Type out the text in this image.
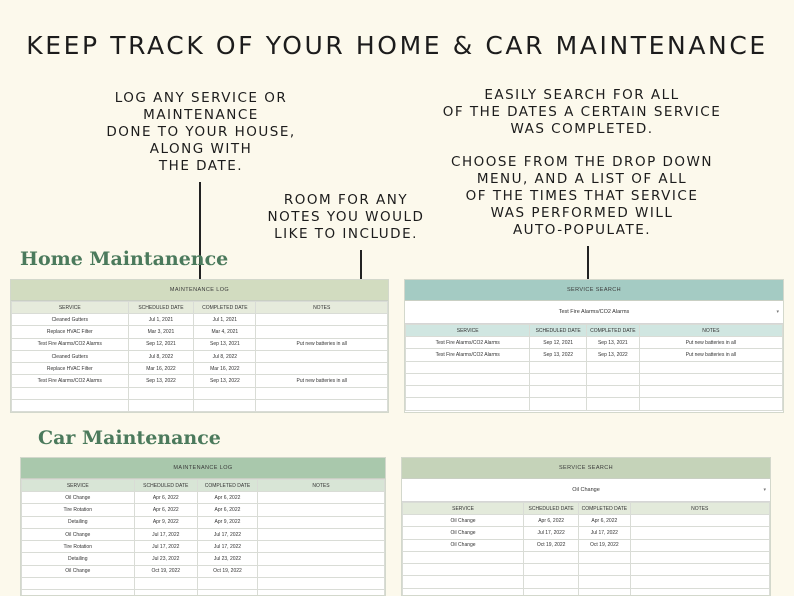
KEEP TRACK OF YOUR HOME & CAR MAINTENANCE
LOG ANY SERVICE OR
MAINTENANCE
DONE TO YOUR HOUSE,
ALONG WITH
THE DATE.
ROOM FOR ANY
NOTES YOU WOULD
LIKE TO INCLUDE.
EASILY SEARCH FOR ALL
OF THE DATES A CERTAIN SERVICE
WAS COMPLETED.
CHOOSE FROM THE DROP DOWN
MENU, AND A LIST OF ALL
OF THE TIMES THAT SERVICE
WAS PERFORMED WILL
AUTO-POPULATE.
Home Maintanence
Car Maintenance
MAINTENANCE LOG
SERVICE	SCHEDULED DATE	COMPLETED DATE	NOTES
Cleaned Gutters	Jul 1, 2021	Jul 1, 2021	
Replace HVAC Filter	Mar 3, 2021	Mar 4, 2021	
Test Fire Alarms/CO2 Alarms	Sep 12, 2021	Sep 13, 2021	Put new batteries in all
Cleaned Gutters	Jul 8, 2022	Jul 8, 2022	
Replace HVAC Filter	Mar 16, 2022	Mar 16, 2022	
Test Fire Alarms/CO2 Alarms	Sep 13, 2022	Sep 13, 2022	Put new batteries in all

SERVICE SEARCH
Test Fire Alarms/CO2 Alarms	▾
SERVICE	SCHEDULED DATE	COMPLETED DATE	NOTES
Test Fire Alarms/CO2 Alarms	Sep 12, 2021	Sep 13, 2021	Put new batteries in all
Test Fire Alarms/CO2 Alarms	Sep 13, 2022	Sep 13, 2022	Put new batteries in all

MAINTENANCE LOG
SERVICE	SCHEDULED DATE	COMPLETED DATE	NOTES
Oil Change	Apr 6, 2022	Apr 6, 2022	
Tire Rotation	Apr 6, 2022	Apr 6, 2022	
Detailing	Apr 9, 2022	Apr 9, 2022	
Oil Change	Jul 17, 2022	Jul 17, 2022	
Tire Rotation	Jul 17, 2022	Jul 17, 2022	
Detailing	Jul 23, 2022	Jul 23, 2022	
Oil Change	Oct 19, 2022	Oct 19, 2022	

SERVICE SEARCH
Oil Change	▾
SERVICE	SCHEDULED DATE	COMPLETED DATE	NOTES
Oil Change	Apr 6, 2022	Apr 6, 2022	
Oil Change	Jul 17, 2022	Jul 17, 2022	
Oil Change	Oct 19, 2022	Oct 19, 2022	
